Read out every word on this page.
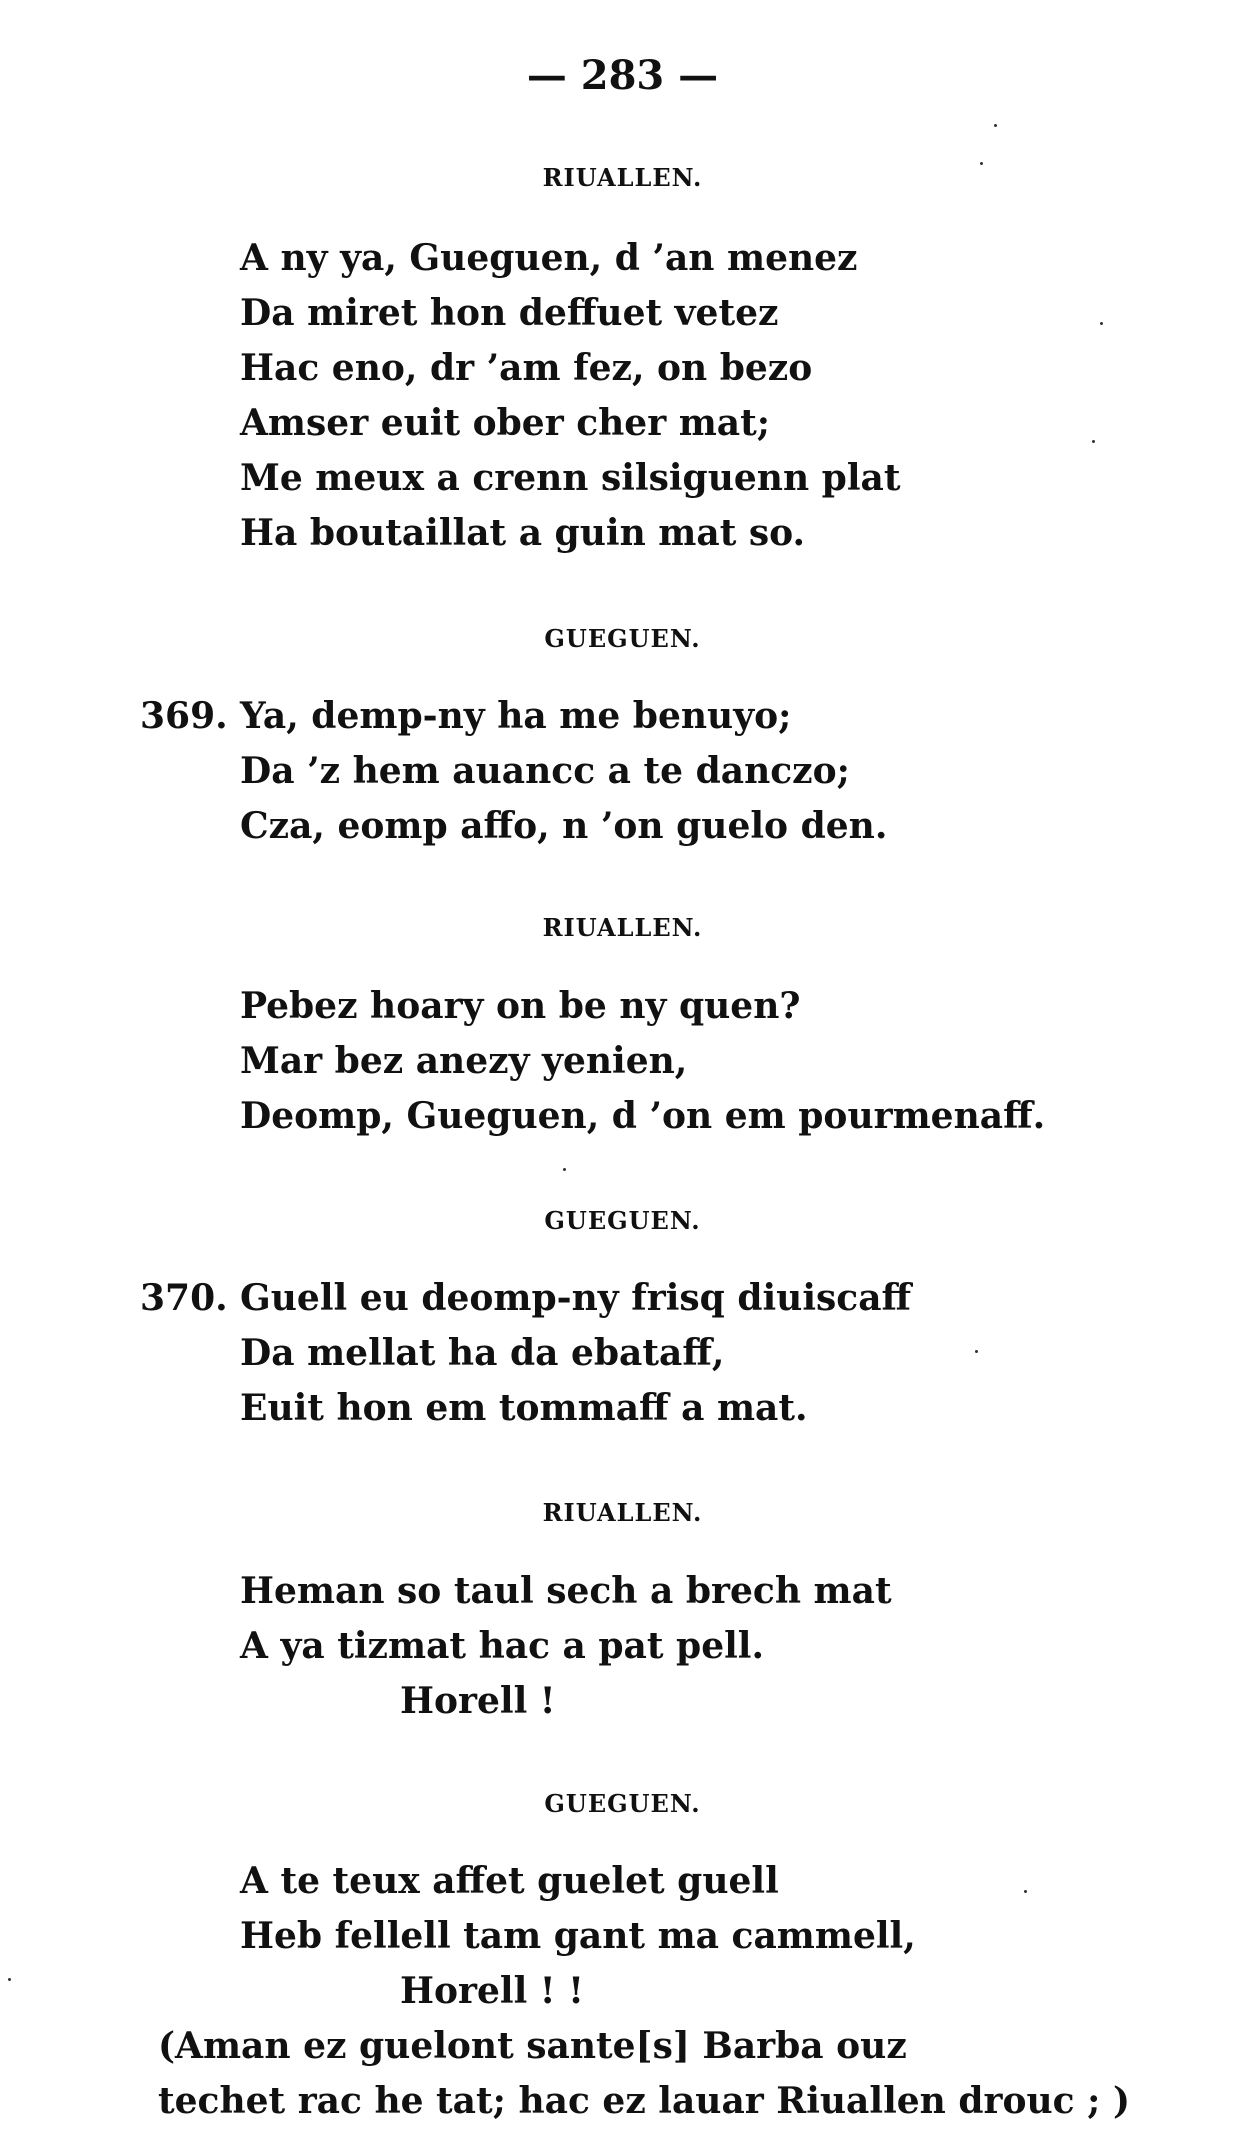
— 283 —
RIUALLEN.
A ny ya, Gueguen, d ’an menez
Da miret hon deffuet vetez
Hac eno, dr ’am fez, on bezo
Amser euit ober cher mat;
Me meux a crenn silsiguenn plat
Ha boutaillat a guin mat so.
GUEGUEN.
369. Ya, demp-ny ha me benuyo;
Da ’z hem auancc a te danczo;
Cza, eomp affo, n ’on guelo den.
RIUALLEN.
Pebez hoary on be ny quen?
Mar bez anezy yenien,
Deomp, Gueguen, d ’on em pourmenaff.
GUEGUEN.
370. Guell eu deomp-ny frisq diuiscaff
Da mellat ha da ebataff,
Euit hon em tommaff a mat.
RIUALLEN.
Heman so taul sech a brech mat
A ya tizmat hac a pat pell.
Horell !
GUEGUEN.
A te teux affet guelet guell
Heb fellell tam gant ma cammell,
Horell ! !
(Aman ez guelont sante[s] Barba ouz
techet rac he tat; hac ez lauar Riuallen drouc ; )
